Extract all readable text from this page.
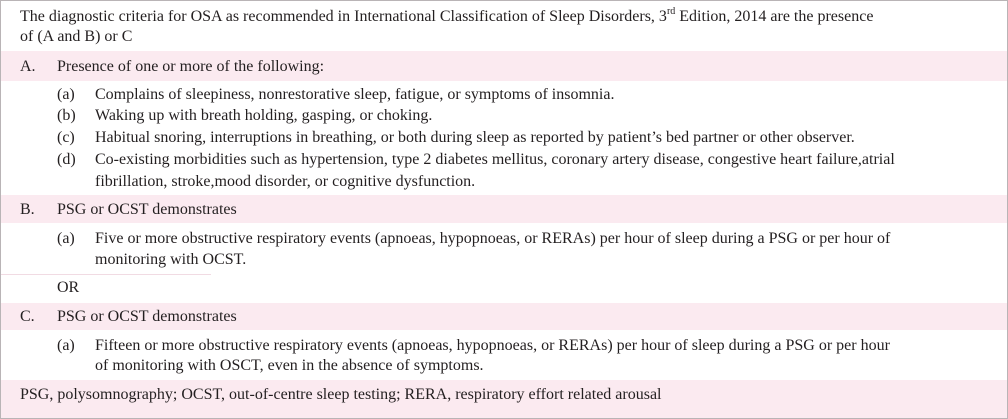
The diagnostic criteria for OSA as recommended in International Classification of Sleep Disorders, 3rd Edition, 2014 are the presence
of (A and B) or C
A. Presence of one or more of the following:
(a) Complains of sleepiness, nonrestorative sleep, fatigue, or symptoms of insomnia.
(b) Waking up with breath holding, gasping, or choking.
(c) Habitual snoring, interruptions in breathing, or both during sleep as reported by patient’s bed partner or other observer.
(d) Co-existing morbidities such as hypertension, type 2 diabetes mellitus, coronary artery disease, congestive heart failure,atrial
fibrillation, stroke,mood disorder, or cognitive dysfunction.
B. PSG or OCST demonstrates
(a) Five or more obstructive respiratory events (apnoeas, hypopnoeas, or RERAs) per hour of sleep during a PSG or per hour of
monitoring with OCST.
OR
C. PSG or OCST demonstrates
(a) Fifteen or more obstructive respiratory events (apnoeas, hypopnoeas, or RERAs) per hour of sleep during a PSG or per hour
of monitoring with OSCT, even in the absence of symptoms.
PSG, polysomnography; OCST, out-of-centre sleep testing; RERA, respiratory effort related arousal
